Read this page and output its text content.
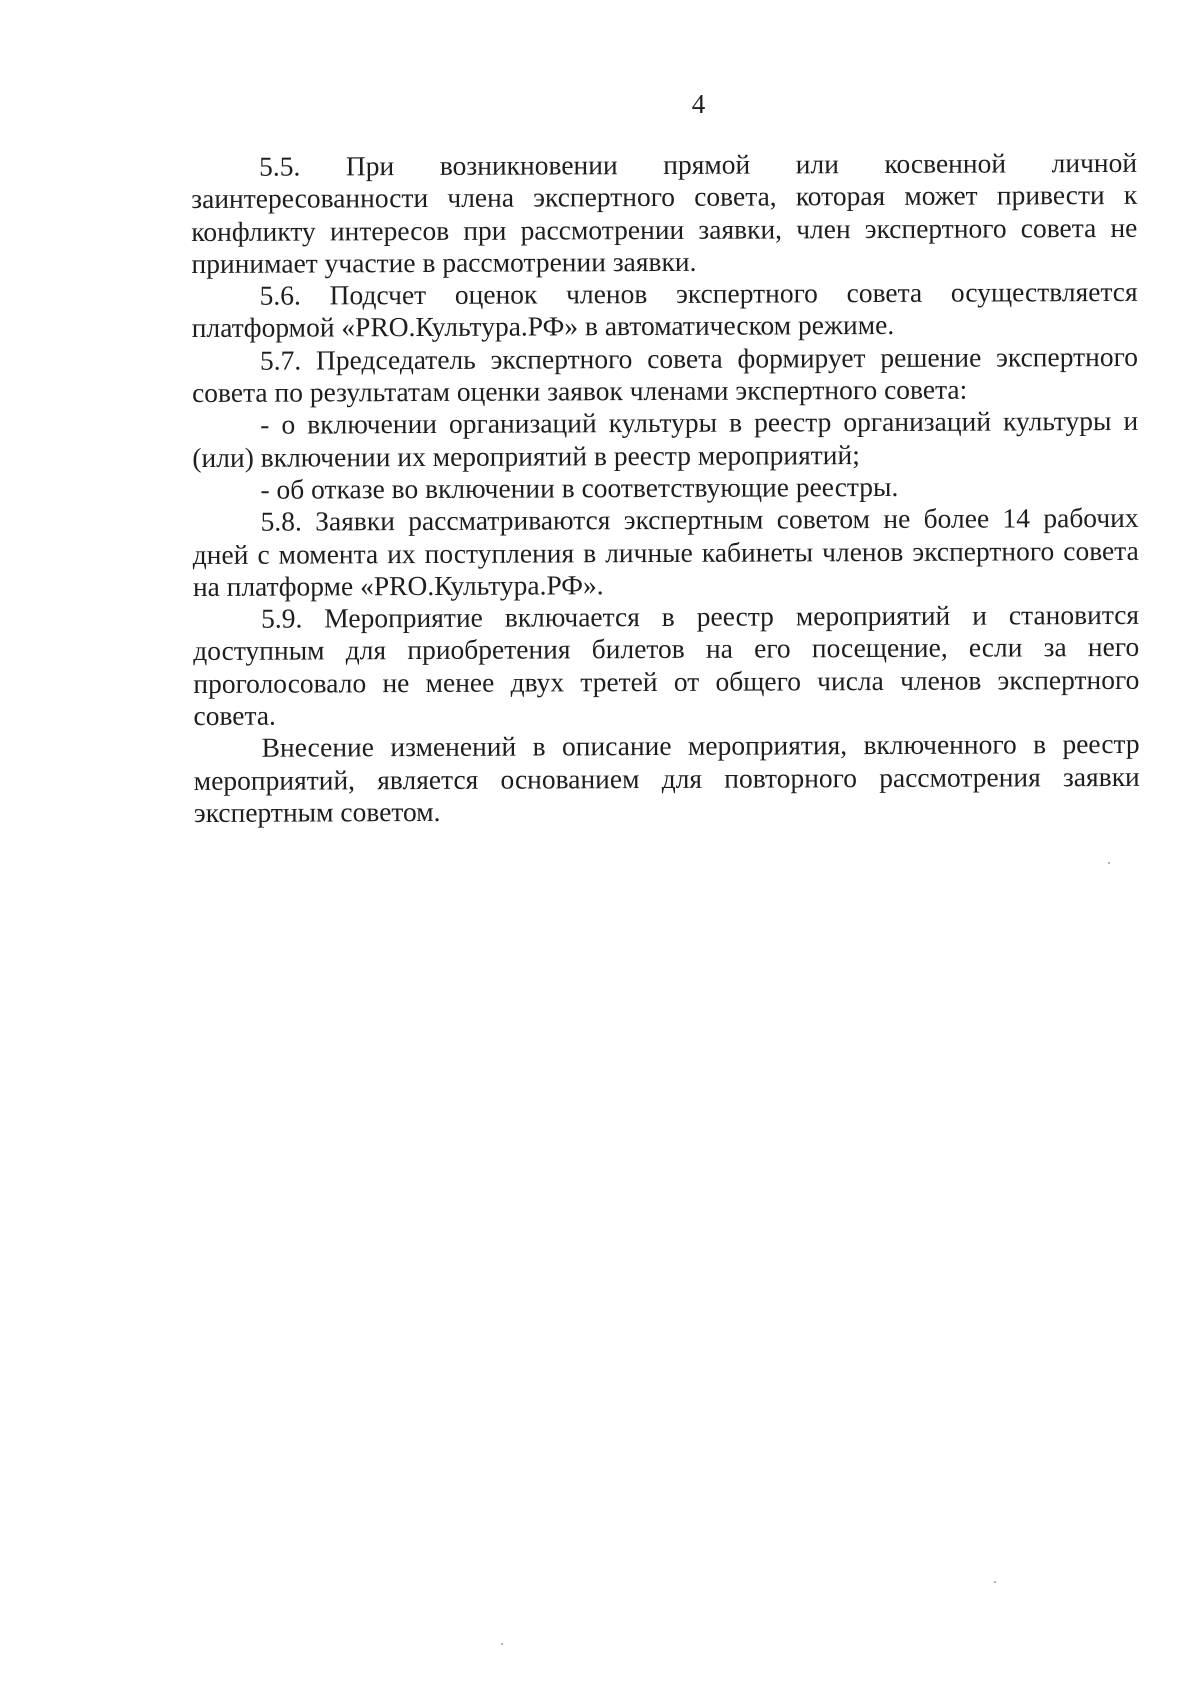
4

5.5. При возникновении прямой или косвенной личной заинтересованности члена экспертного совета, которая может привести к конфликту интересов при рассмотрении заявки, член экспертного совета не принимает участие в рассмотрении заявки.

5.6. Подсчет оценок членов экспертного совета осуществляется платформой «PRO.Культура.РФ» в автоматическом режиме.

5.7. Председатель экспертного совета формирует решение экспертного совета по результатам оценки заявок членами экспертного совета:

- о включении организаций культуры в реестр организаций культуры и (или) включении их мероприятий в реестр мероприятий;

- об отказе во включении в соответствующие реестры.

5.8. Заявки рассматриваются экспертным советом не более 14 рабочих дней с момента их поступления в личные кабинеты членов экспертного совета на платформе «PRO.Культура.РФ».

5.9. Мероприятие включается в реестр мероприятий и становится доступным для приобретения билетов на его посещение, если за него проголосовало не менее двух третей от общего числа членов экспертного совета.

Внесение изменений в описание мероприятия, включенного в реестр мероприятий, является основанием для повторного рассмотрения заявки экспертным советом.
